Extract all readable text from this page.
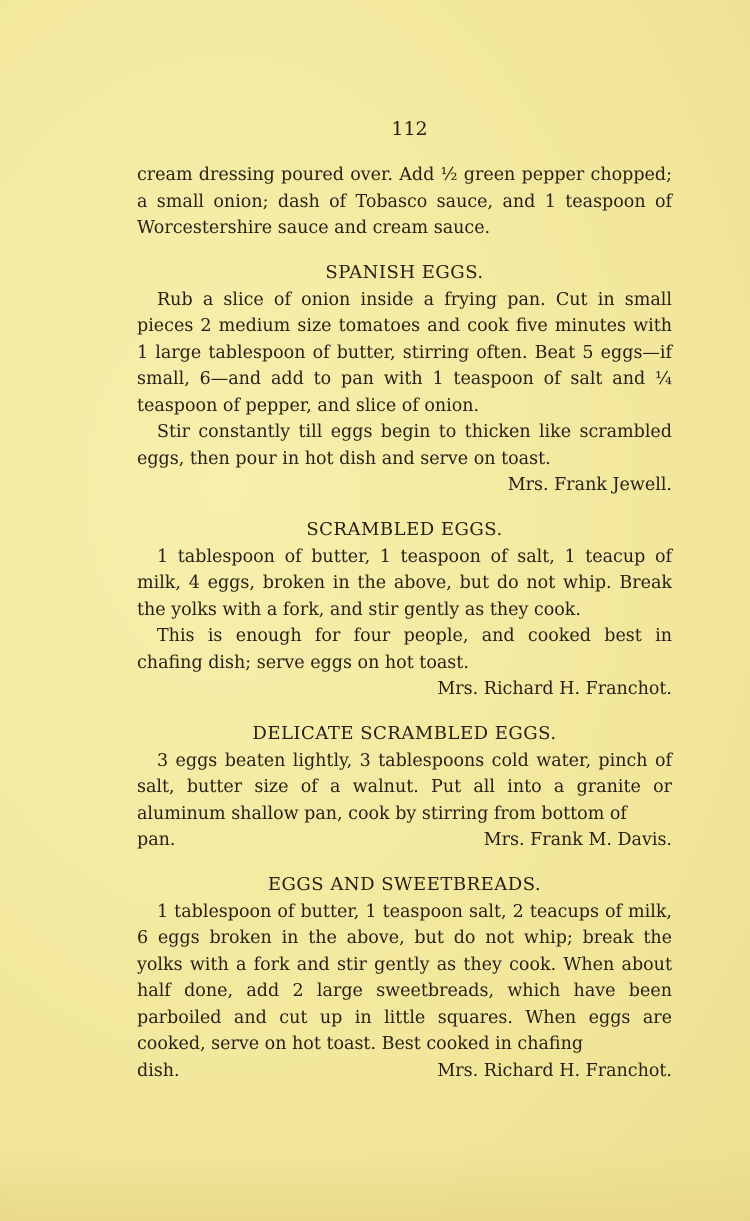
112

cream dressing poured over. Add ½ green pepper chopped; a small onion; dash of Tobasco sauce, and 1 teaspoon of Worcestershire sauce and cream sauce.

SPANISH EGGS.

Rub a slice of onion inside a frying pan. Cut in small pieces 2 medium size tomatoes and cook five minutes with 1 large tablespoon of butter, stirring often. Beat 5 eggs—if small, 6—and add to pan with 1 teaspoon of salt and ¼ teaspoon of pepper, and slice of onion.

Stir constantly till eggs begin to thicken like scrambled eggs, then pour in hot dish and serve on toast.

Mrs. Frank Jewell.
SCRAMBLED EGGS.

1 tablespoon of butter, 1 teaspoon of salt, 1 teacup of milk, 4 eggs, broken in the above, but do not whip. Break the yolks with a fork, and stir gently as they cook.

This is enough for four people, and cooked best in chafing dish; serve eggs on hot toast.

Mrs. Richard H. Franchot.
DELICATE SCRAMBLED EGGS.

3 eggs beaten lightly, 3 tablespoons cold water, pinch of salt, butter size of a walnut. Put all into a granite or aluminum shallow pan, cook by stirring from bottom of

pan.	Mrs. Frank M. Davis.
EGGS AND SWEETBREADS.

1 tablespoon of butter, 1 teaspoon salt, 2 teacups of milk, 6 eggs broken in the above, but do not whip; break the yolks with a fork and stir gently as they cook. When about half done, add 2 large sweetbreads, which have been parboiled and cut up in little squares. When eggs are cooked, serve on hot toast. Best cooked in chafing

dish.	Mrs. Richard H. Franchot.
